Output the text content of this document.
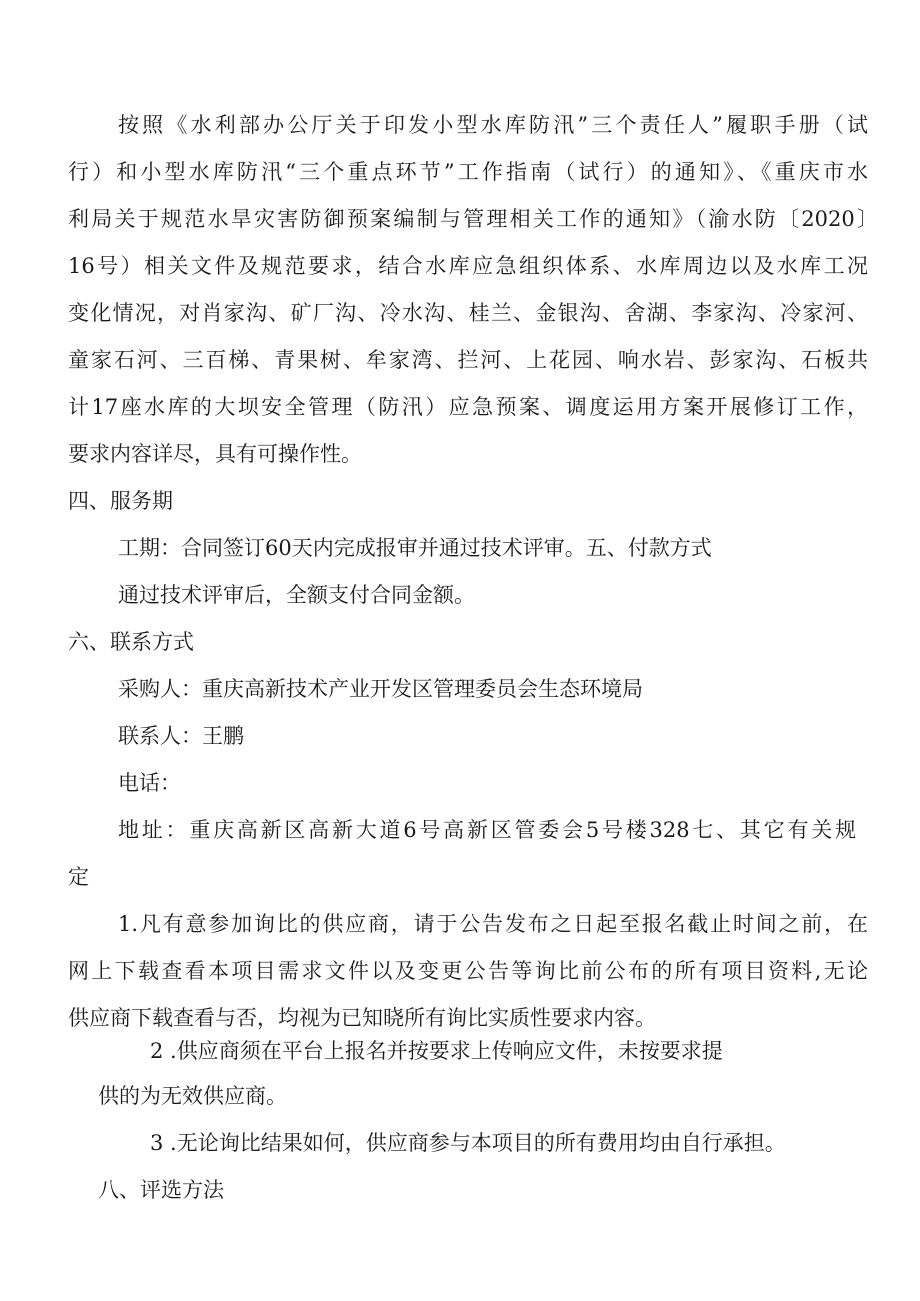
按照《水利部办公厅关于印发小型水库防汛”三个责任人”履职手册（试

行）和小型水库防汛“三个重点环节”工作指南（试行）的通知》、《重庆市水

利局关于规范水旱灾害防御预案编制与管理相关工作的通知》（渝水防〔2020〕

16号）相关文件及规范要求，结合水库应急组织体系、水库周边以及水库工况

变化情况，对肖家沟、矿厂沟、冷水沟、桂兰、金银沟、舍湖、李家沟、冷家河、

童家石河、三百梯、青果树、牟家湾、拦河、上花园、响水岩、彭家沟、石板共

计17座水库的大坝安全管理（防汛）应急预案、调度运用方案开展修订工作，

要求内容详尽，具有可操作性。

四、服务期

工期：合同签订60天内完成报审并通过技术评审。五、付款方式

通过技术评审后，全额支付合同金额。

六、联系方式

采购人：重庆高新技术产业开发区管理委员会生态环境局

联系人：王鹏

电话：

地址：重庆高新区高新大道6号高新区管委会5号楼328七、其它有关规

定

1.凡有意参加询比的供应商，请于公告发布之日起至报名截止时间之前，在

网上下载查看本项目需求文件以及变更公告等询比前公布的所有项目资料,无论

供应商下载查看与否，均视为已知晓所有询比实质性要求内容。

2 .供应商须在平台上报名并按要求上传响应文件，未按要求提

供的为无效供应商。

3 .无论询比结果如何，供应商参与本项目的所有费用均由自行承担。

八、评选方法
